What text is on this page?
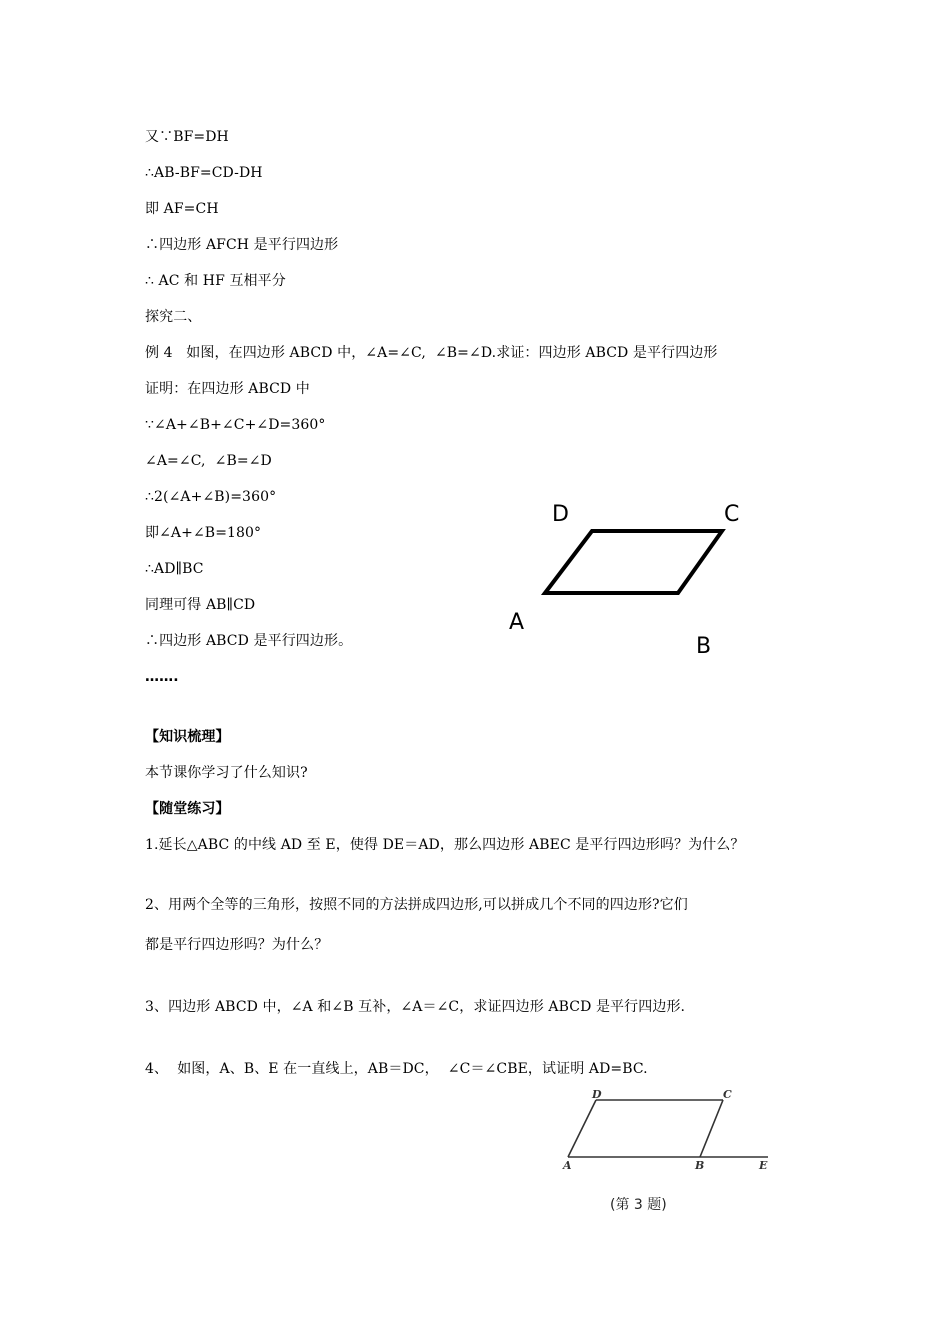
又∵BF=DH
∴AB-BF=CD-DH
即 AF=CH
∴四边形 AFCH 是平行四边形
∴ AC 和 HF 互相平分
探究二、
例 4   如图，在四边形 ABCD 中，∠A=∠C,  ∠B=∠D.求证：四边形 ABCD 是平行四边形
证明：在四边形 ABCD 中
∵∠A+∠B+∠C+∠D=360°
∠A=∠C,  ∠B=∠D
∴2(∠A+∠B)=360°
即∠A+∠B=180°
∴AD∥BC
同理可得 AB∥CD
∴四边形 ABCD 是平行四边形。
…….
D	C
A
B
【知识梳理】
本节课你学习了什么知识?
【随堂练习】
1.延长△ABC 的中线 AD 至 E，使得 DE＝AD，那么四边形 ABEC 是平行四边形吗？为什么？
2、用两个全等的三角形，按照不同的方法拼成四边形,可以拼成几个不同的四边形?它们
都是平行四边形吗？为什么？
3、四边形 ABCD 中，∠A 和∠B 互补，∠A＝∠C，求证四边形 ABCD 是平行四边形.
4、  如图，A、B、E 在一直线上，AB＝DC，  ∠C＝∠CBE，试证明 AD=BC.
D	C
A	B	E
(第 3 题)
